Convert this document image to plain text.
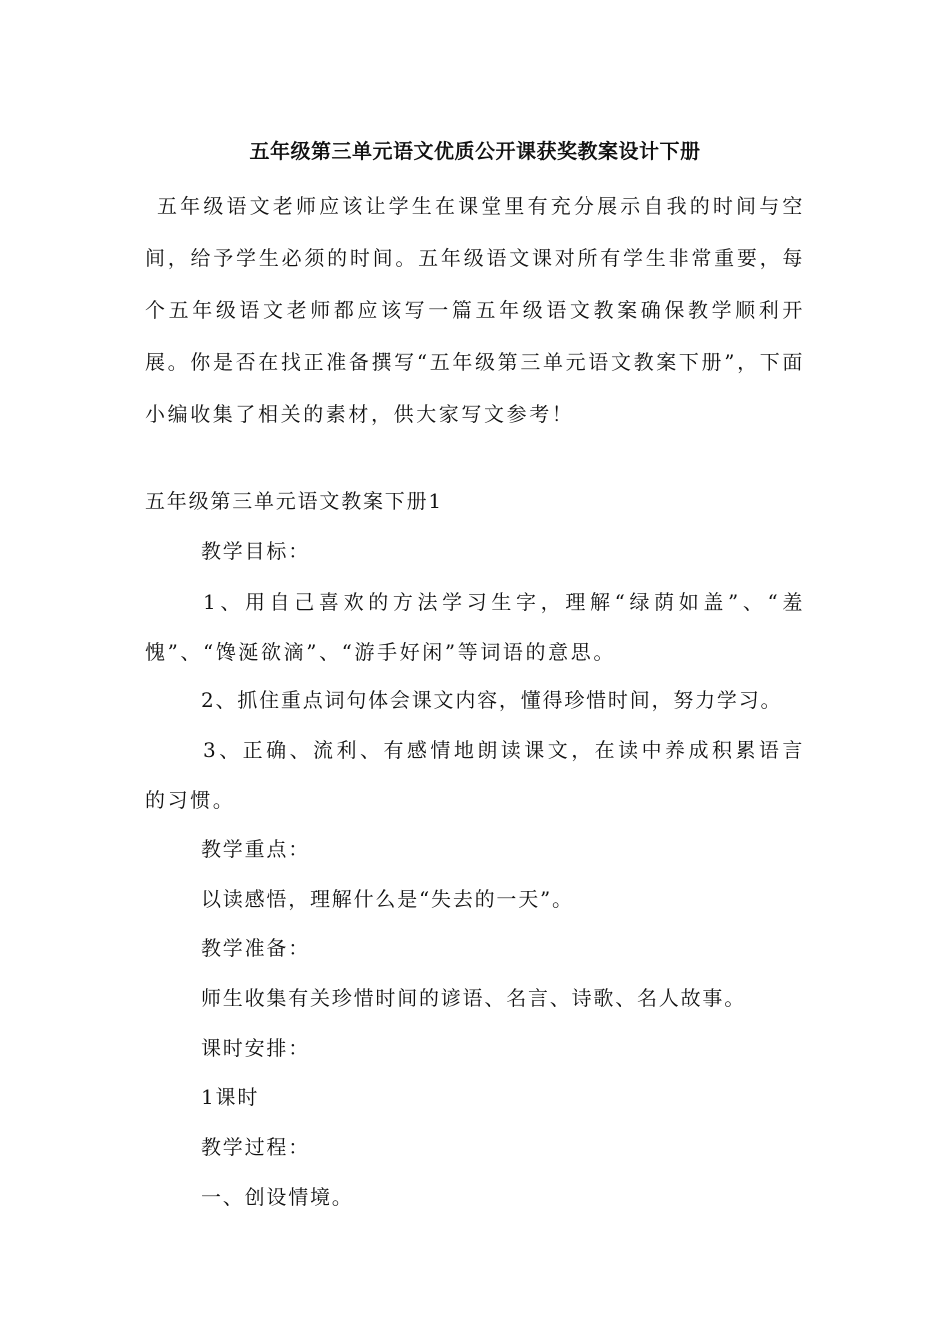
五年级第三单元语文优质公开课获奖教案设计下册

五年级语文老师应该让学生在课堂里有充分展示自我的时间与空间，给予学生必须的时间。五年级语文课对所有学生非常重要，每个五年级语文老师都应该写一篇五年级语文教案确保教学顺利开展。你是否在找正准备撰写“五年级第三单元语文教案下册”，下面小编收集了相关的素材，供大家写文参考！

五年级第三单元语文教案下册1

教学目标：

1、用自己喜欢的方法学习生字，理解“绿荫如盖”、“羞愧”、“馋涎欲滴”、“游手好闲”等词语的意思。

2、抓住重点词句体会课文内容，懂得珍惜时间，努力学习。

3、正确、流利、有感情地朗读课文，在读中养成积累语言的习惯。

教学重点：

以读感悟，理解什么是“失去的一天”。

教学准备：

师生收集有关珍惜时间的谚语、名言、诗歌、名人故事。

课时安排：

1课时

教学过程：

一、创设情境。
